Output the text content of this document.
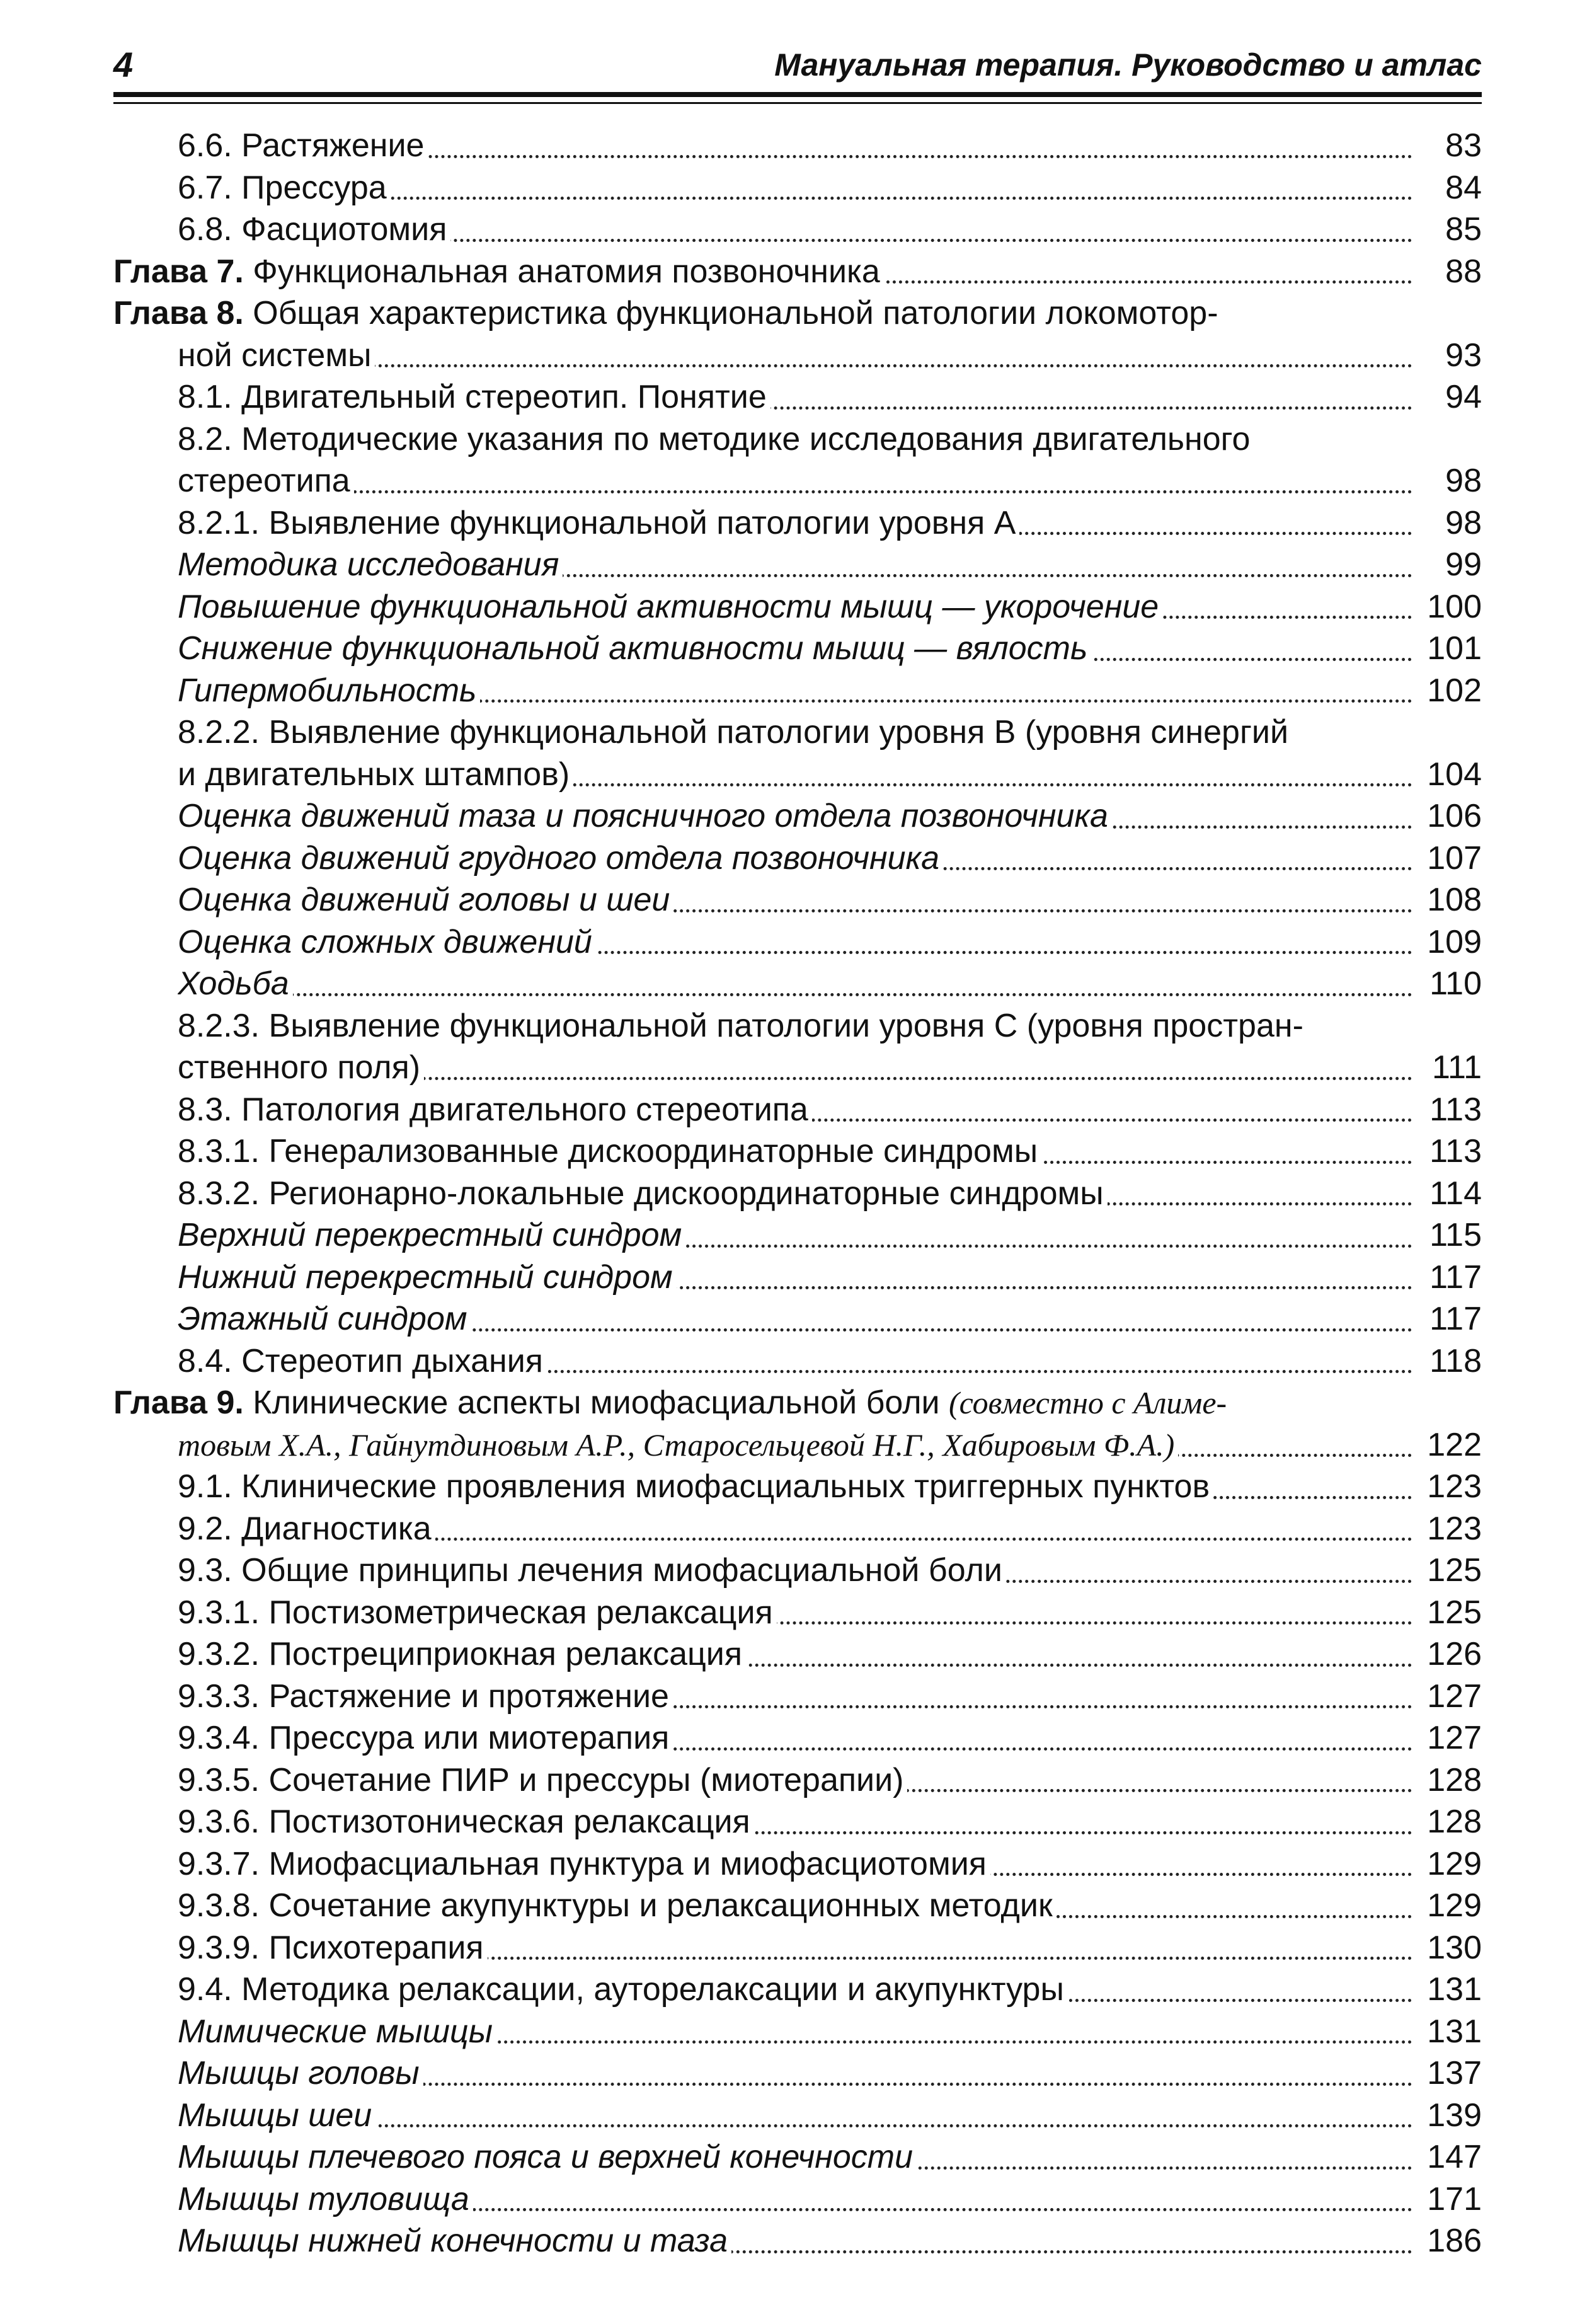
4	Мануальная терапия. Руководство и атлас
6.6. Растяжение	83
6.7. Прессура	84
6.8. Фасциотомия	85
Глава 7. Функциональная анатомия позвоночника	88
Глава 8. Общая характеристика функциональной патологии локомотор-
ной системы	93
8.1. Двигательный стереотип. Понятие	94
8.2. Методические указания по методике исследования двигательного
стереотипа	98
8.2.1. Выявление функциональной патологии уровня А	98
Методика исследования	99
Повышение функциональной активности мышц — укорочение	100
Снижение функциональной активности мышц — вялость	101
Гипермобильность	102
8.2.2. Выявление функциональной патологии уровня В (уровня синергий
и двигательных штампов)	104
Оценка движений таза и поясничного отдела позвоночника	106
Оценка движений грудного отдела позвоночника	107
Оценка движений головы и шеи	108
Оценка сложных движений	109
Ходьба	110
8.2.3. Выявление функциональной патологии уровня С (уровня простран-
ственного поля)	111
8.3. Патология двигательного стереотипа	113
8.3.1. Генерализованные дискоординаторные синдромы	113
8.3.2. Регионарно-локальные дискоординаторные синдромы	114
Верхний перекрестный синдром	115
Нижний перекрестный синдром	117
Этажный синдром	117
8.4. Стереотип дыхания	118
Глава 9. Клинические аспекты миофасциальной боли (совместно с Алиме-
товым Х.А., Гайнутдиновым А.Р., Старосельцевой Н.Г., Хабировым Ф.А.)	122
9.1. Клинические проявления миофасциальных триггерных пунктов	123
9.2. Диагностика	123
9.3. Общие принципы лечения миофасциальной боли	125
9.3.1. Постизометрическая релаксация	125
9.3.2. Пострециприокная релаксация	126
9.3.3. Растяжение и протяжение	127
9.3.4. Прессура или миотерапия	127
9.3.5. Сочетание ПИР и прессуры (миотерапии)	128
9.3.6. Постизотоническая релаксация	128
9.3.7. Миофасциальная пунктура и миофасциотомия	129
9.3.8. Сочетание акупунктуры и релаксационных методик	129
9.3.9. Психотерапия	130
9.4. Методика релаксации, ауторелаксации и акупунктуры	131
Мимические мышцы	131
Мышцы головы	137
Мышцы шеи	139
Мышцы плечевого пояса и верхней конечности	147
Мышцы туловища	171
Мышцы нижней конечности и таза	186
